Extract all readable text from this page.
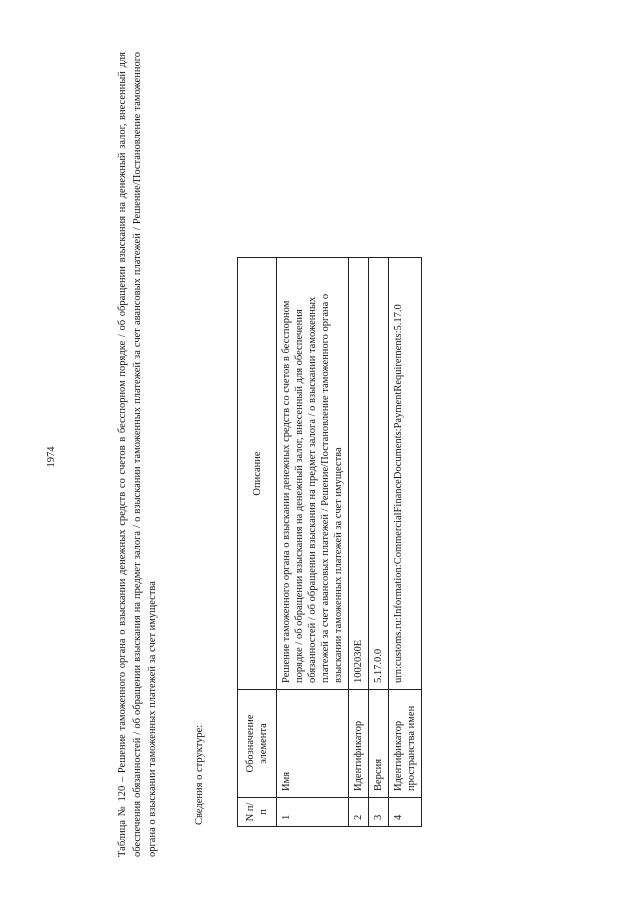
1974	Таблица № 120 – Решение таможенного органа о взыскании денежных средств со счетов в бесспорном порядке / об обращении взыскания на денежный залог, внесенный для обеспечения обязанностей / об обращении взыскания на предмет залога / о взыскании таможенных платежей за счет авансовых платежей / Решение/Постановление таможенного органа о взыскании таможенных платежей за счет имущества	Сведения о структуре:	N п/п	Обозначение элемента	Описание
1	Имя	Решение таможенного органа о взыскании денежных средств со счетов в бесспорном порядке / об обращении взыскания на денежный залог, внесенный для обеспечения обязанностей / об обращении взыскания на предмет залога / о взыскании таможенных платежей за счет авансовых платежей / Решение/Постановление таможенного органа о взыскании таможенных платежей за счет имущества
2	Идентификатор	1002030E
3	Версия	5.17.0.0
4	Идентификатор пространства имен	urn:customs.ru:Information:CommercialFinanceDocuments:PaymentRequirements:5.17.0
